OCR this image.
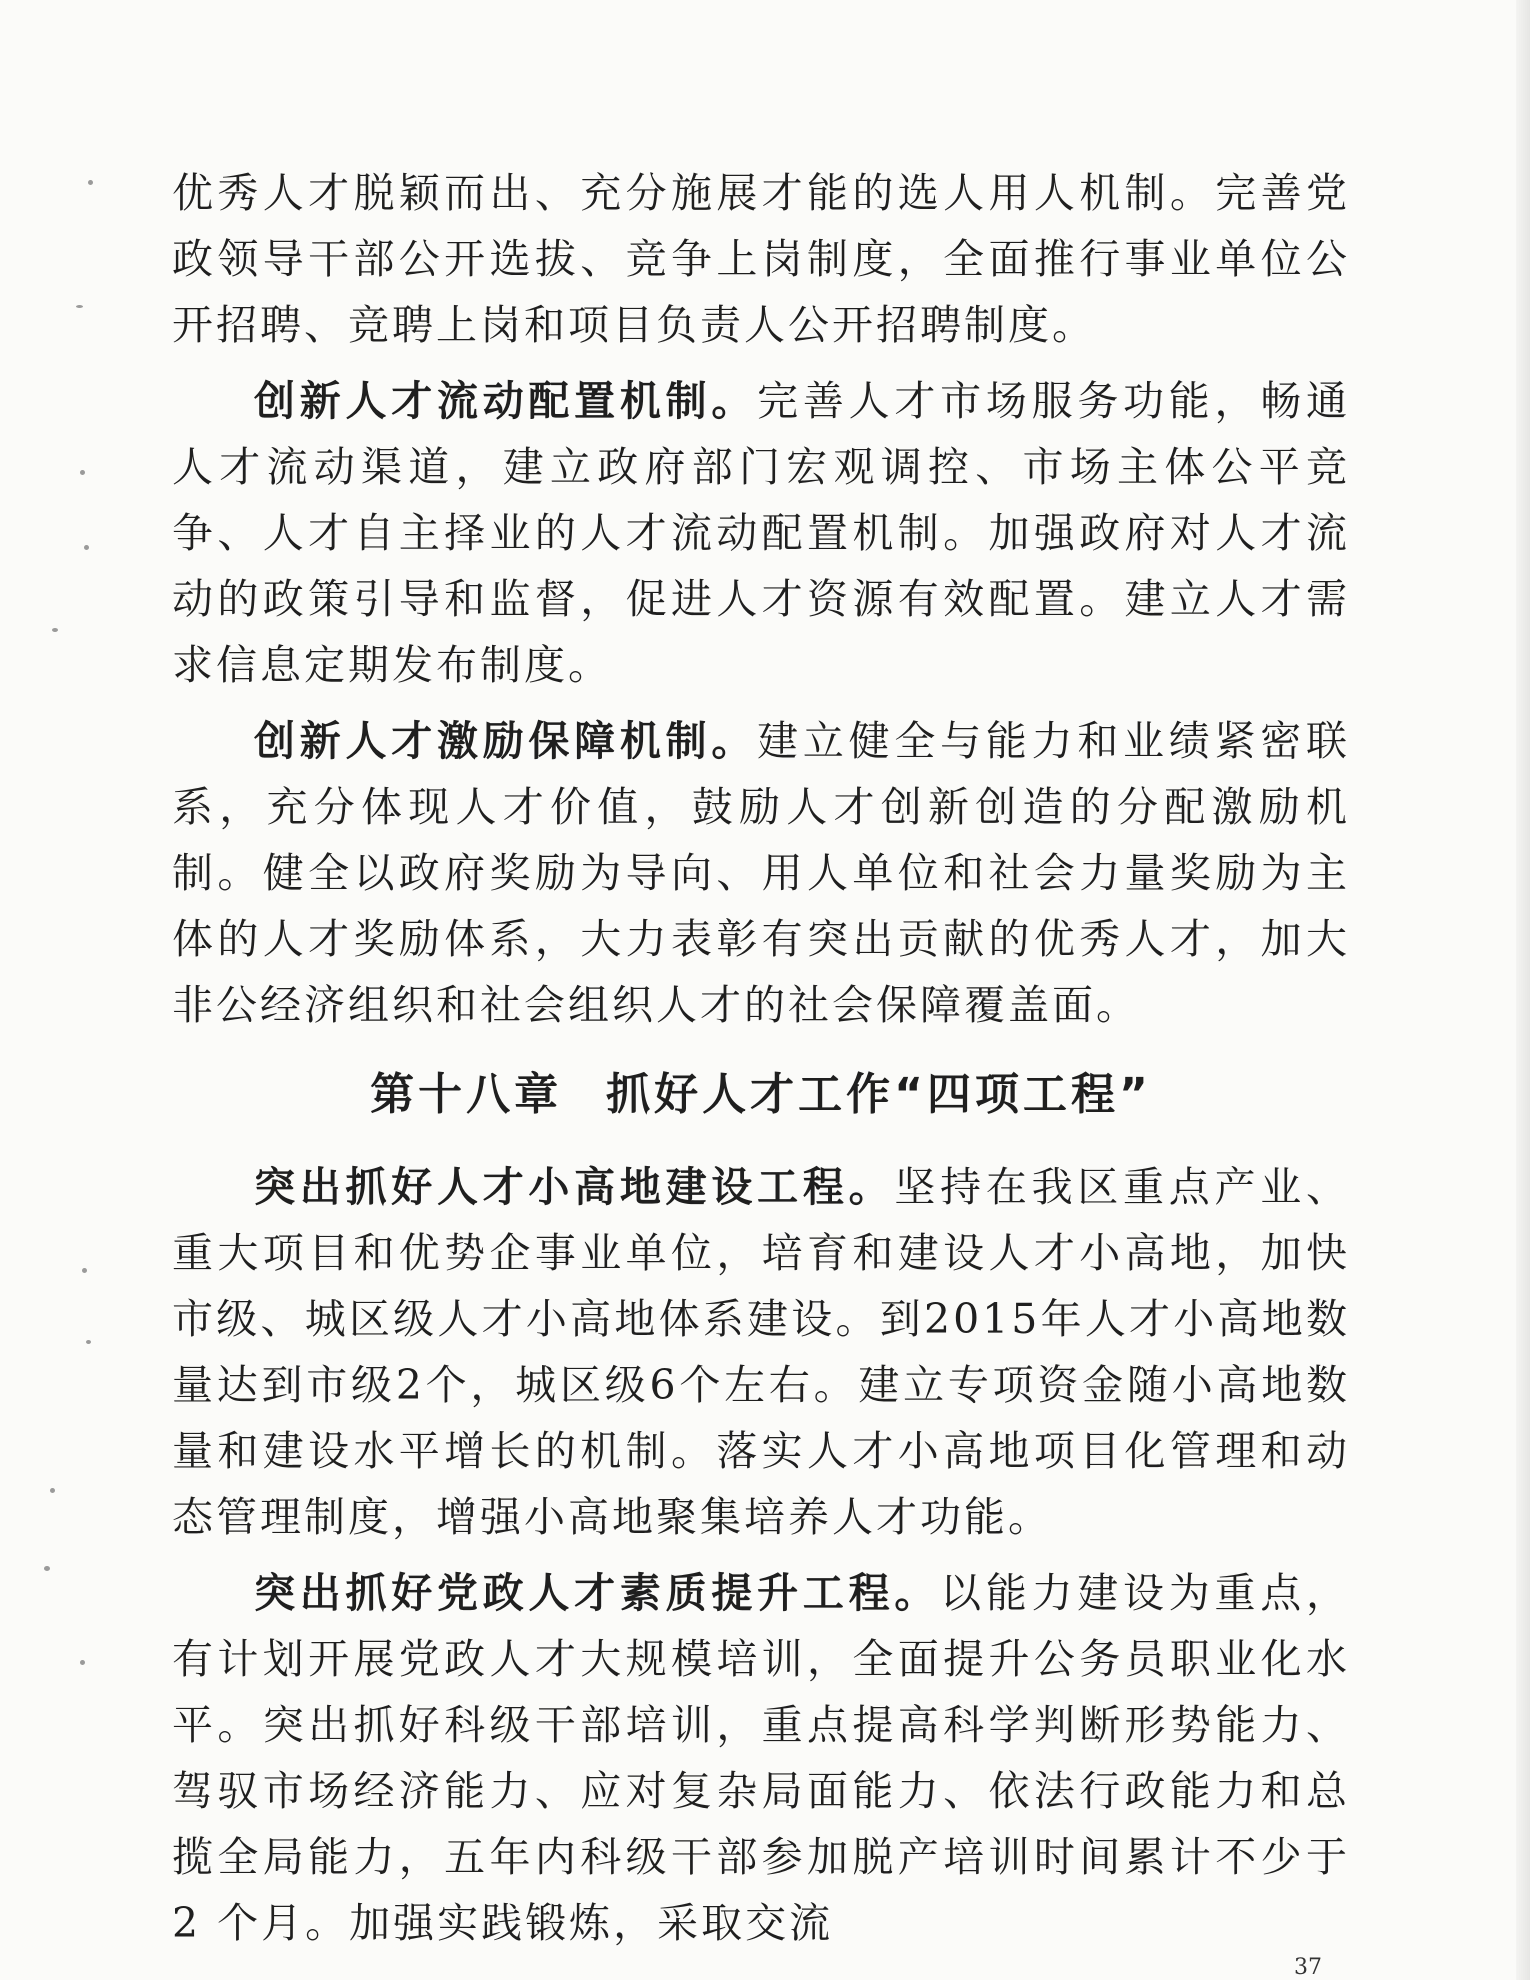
优秀人才脱颖而出、充分施展才能的选人用人机制。完善党政领导干部公开选拔、竞争上岗制度，全面推行事业单位公开招聘、竞聘上岗和项目负责人公开招聘制度。

创新人才流动配置机制。完善人才市场服务功能，畅通人才流动渠道，建立政府部门宏观调控、市场主体公平竞争、人才自主择业的人才流动配置机制。加强政府对人才流动的政策引导和监督，促进人才资源有效配置。建立人才需求信息定期发布制度。

创新人才激励保障机制。建立健全与能力和业绩紧密联系，充分体现人才价值，鼓励人才创新创造的分配激励机制。健全以政府奖励为导向、用人单位和社会力量奖励为主体的人才奖励体系，大力表彰有突出贡献的优秀人才，加大非公经济组织和社会组织人才的社会保障覆盖面。

第十八章 抓好人才工作“四项工程”

突出抓好人才小高地建设工程。坚持在我区重点产业、重大项目和优势企事业单位，培育和建设人才小高地，加快市级、城区级人才小高地体系建设。到2015年人才小高地数量达到市级2个，城区级6个左右。建立专项资金随小高地数量和建设水平增长的机制。落实人才小高地项目化管理和动态管理制度，增强小高地聚集培养人才功能。

突出抓好党政人才素质提升工程。以能力建设为重点，有计划开展党政人才大规模培训，全面提升公务员职业化水平。突出抓好科级干部培训，重点提高科学判断形势能力、驾驭市场经济能力、应对复杂局面能力、依法行政能力和总揽全局能力，五年内科级干部参加脱产培训时间累计不少于 2 个月。加强实践锻炼，采取交流

37
